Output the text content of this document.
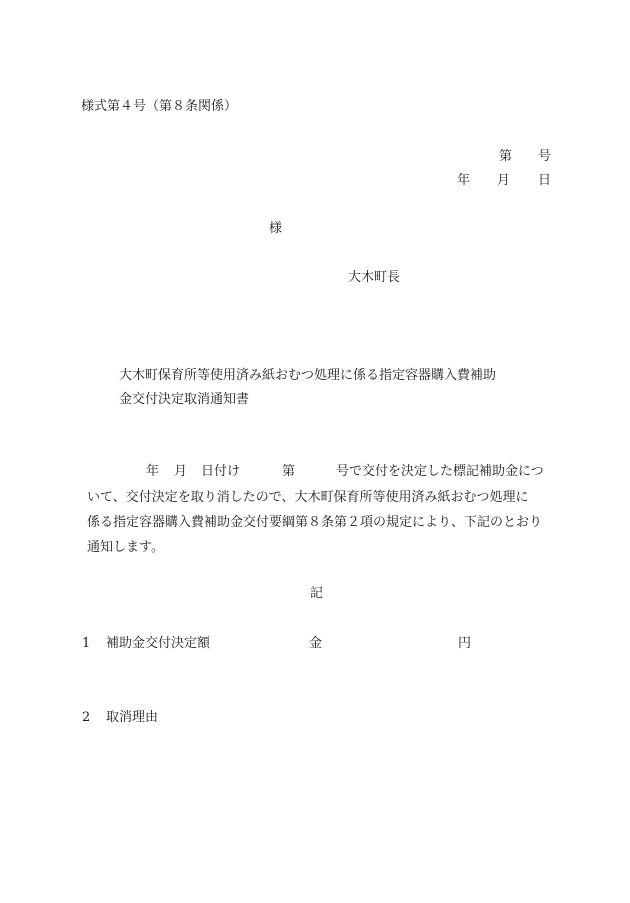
様式第４号（第８条関係）
第 号
年 月 日
様
大木町長
大木町保育所等使用済み紙おむつ処理に係る指定容器購入費補助
金交付決定取消通知書
年 月 日付け	第	号で交付を決定した標記補助金につ
いて、交付決定を取り消したので、大木町保育所等使用済み紙おむつ処理に
係る指定容器購入費補助金交付要綱第８条第２項の規定により、下記のとおり
通知します。
記
1 補助金交付決定額	金	円
2 取消理由
